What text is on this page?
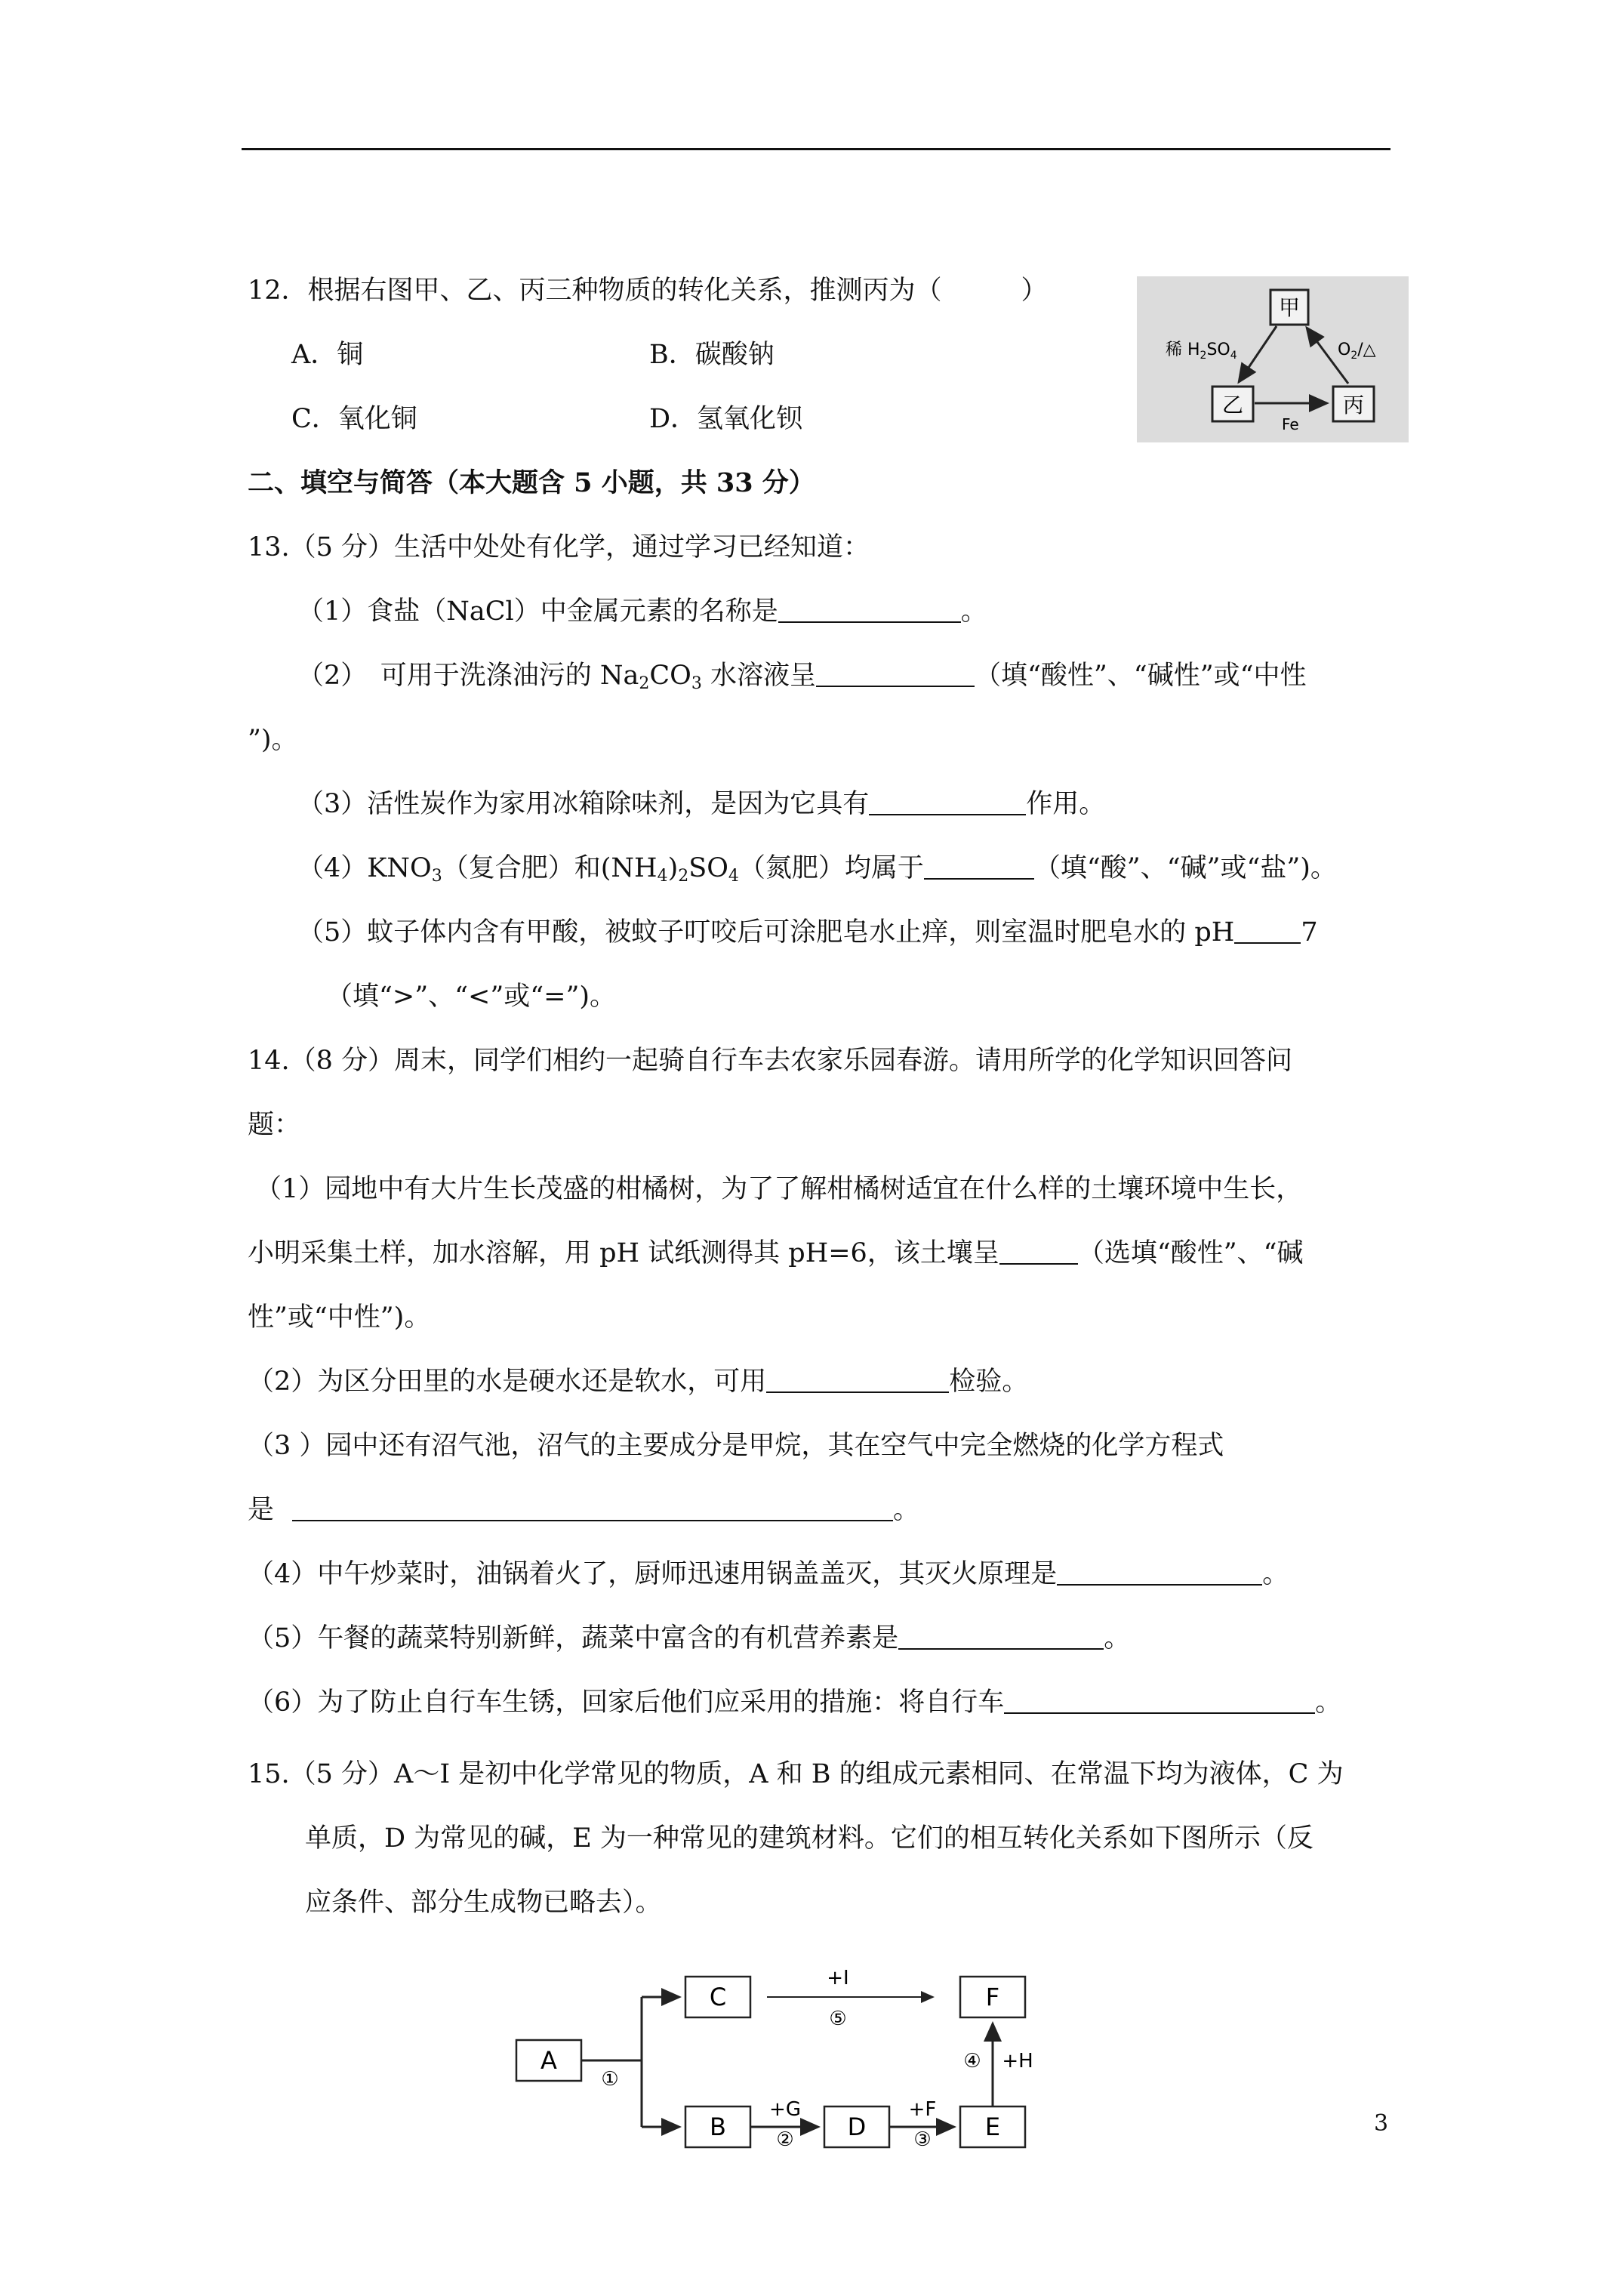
12．根据右图甲、乙、丙三种物质的转化关系，推测丙为（　　　）
A．铜	B．碳酸钠
C．氧化铜	D．氢氧化钡
甲
乙	丙
稀 $H_2SO_4$	$O_2/\triangle$
Fe
二、填空与简答（本大题含 5 小题，共 33 分）
13.（5 分）生活中处处有化学，通过学习已经知道：
（1）食盐（NaCl）中金属元素的名称是	。
（2）　可用于洗涤油污的 $Na_2CO_3$ 水溶液呈	（填“酸性”、“碱性”或“中性
”)。
（3）活性炭作为家用冰箱除味剂，是因为它具有	作用。
$(4)KNO_3$（复合肥）和$(NH_4)_2SO_4$（氮肥）均属于	（填“酸”、“碱”或“盐”)。
（5）蚊子体内含有甲酸，被蚊子叮咬后可涂肥皂水止痒，则室温时肥皂水的 pH	7
（填“>”、“<”或“=”)。
14.（8 分）周末，同学们相约一起骑自行车去农家乐园春游。请用所学的化学知识回答问
题：
（1）园地中有大片生长茂盛的柑橘树，为了了解柑橘树适宜在什么样的土壤环境中生长，
小明采集土样，加水溶解，用 pH 试纸测得其 pH=6，该土壤呈	（选填“酸性”、“碱
性”或“中性”)。
（2）为区分田里的水是硬水还是软水，可用	检验。
（3 ）园中还有沼气池，沼气的主要成分是甲烷，其在空气中完全燃烧的化学方程式
是	。
（4）中午炒菜时，油锅着火了，厨师迅速用锅盖盖灭，其灭火原理是	。
（5）午餐的蔬菜特别新鲜，蔬菜中富含的有机营养素是	。
（6）为了防止自行车生锈，回家后他们应采用的措施：将自行车	。
15.（5 分）A～I 是初中化学常见的物质，A 和 B 的组成元素相同、在常温下均为液体，C 为
单质，D 为常见的碱，E 为一种常见的建筑材料。它们的相互转化关系如下图所示（反
应条件、部分生成物已略去）。
A
B
C
D	E
F
①
+G
②
+F
③
+I
⑤
④ +H
3
